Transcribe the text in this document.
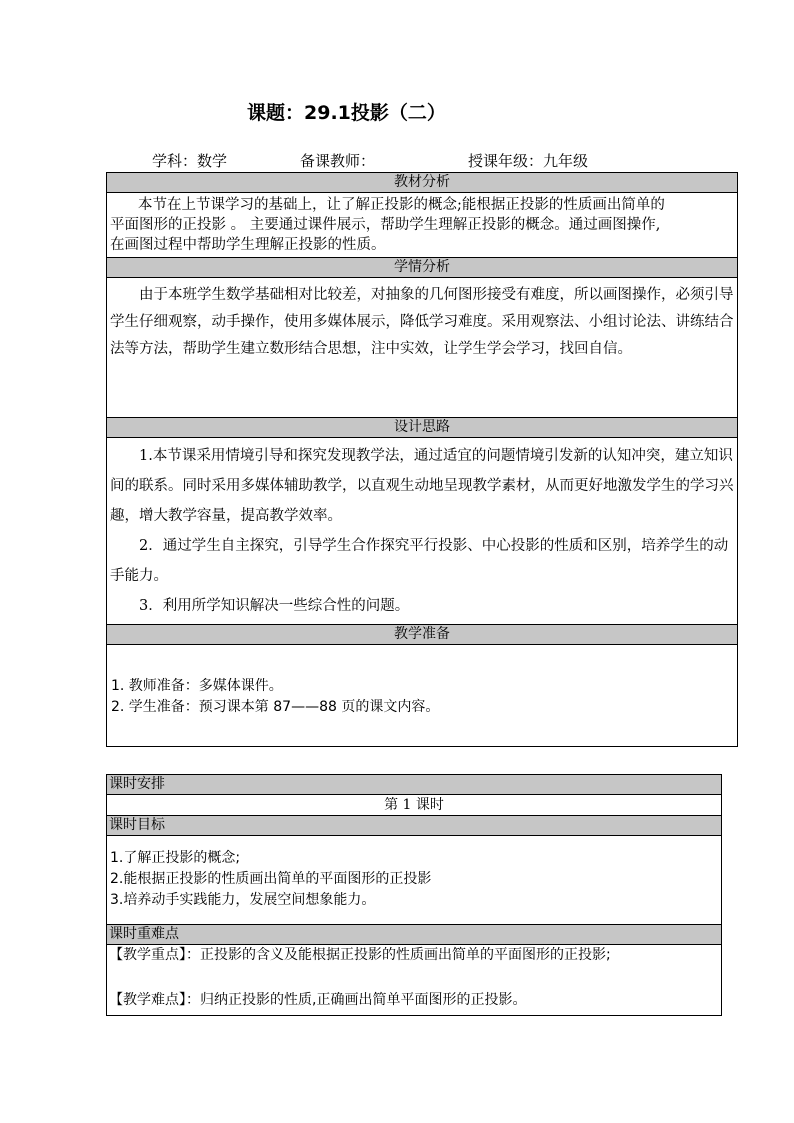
课题：29.1投影（二）
学科：数学	备课教师：	授课年级：九年级
教材分析

本节在上节课学习的基础上，让了解正投影的概念;能根据正投影的性质画出简单的

平面图形的正投影 。 主要通过课件展示，帮助学生理解正投影的概念。通过画图操作,

在画图过程中帮助学生理解正投影的性质。

学情分析

由于本班学生数学基础相对比较差，对抽象的几何图形接受有难度，所以画图操作，必须引导学生仔细观察，动手操作，使用多媒体展示，降低学习难度。采用观察法、小组讨论法、讲练结合法等方法，帮助学生建立数形结合思想，注中实效，让学生学会学习，找回自信。

设计思路

1.本节课采用情境引导和探究发现教学法，通过适宜的问题情境引发新的认知冲突，建立知识间的联系。同时采用多媒体辅助教学，以直观生动地呈现教学素材，从而更好地激发学生的学习兴趣，增大教学容量，提高教学效率。

2．通过学生自主探究，引导学生合作探究平行投影、中心投影的性质和区别，培养学生的动手能力。

3．利用所学知识解决一些综合性的问题。

教学准备

1. 教师准备：多媒体课件。
2. 学生准备：预习课本第 87——88 页的课文内容。
课时安排
第 1 课时
课时目标

1.了解正投影的概念;
2.能根据正投影的性质画出简单的平面图形的正投影
3.培养动手实践能力，发展空间想象能力。

课时重难点

【教学重点】：正投影的含义及能根据正投影的性质画出简单的平面图形的正投影;
【教学难点】：归纳正投影的性质,正确画出简单平面图形的正投影。
